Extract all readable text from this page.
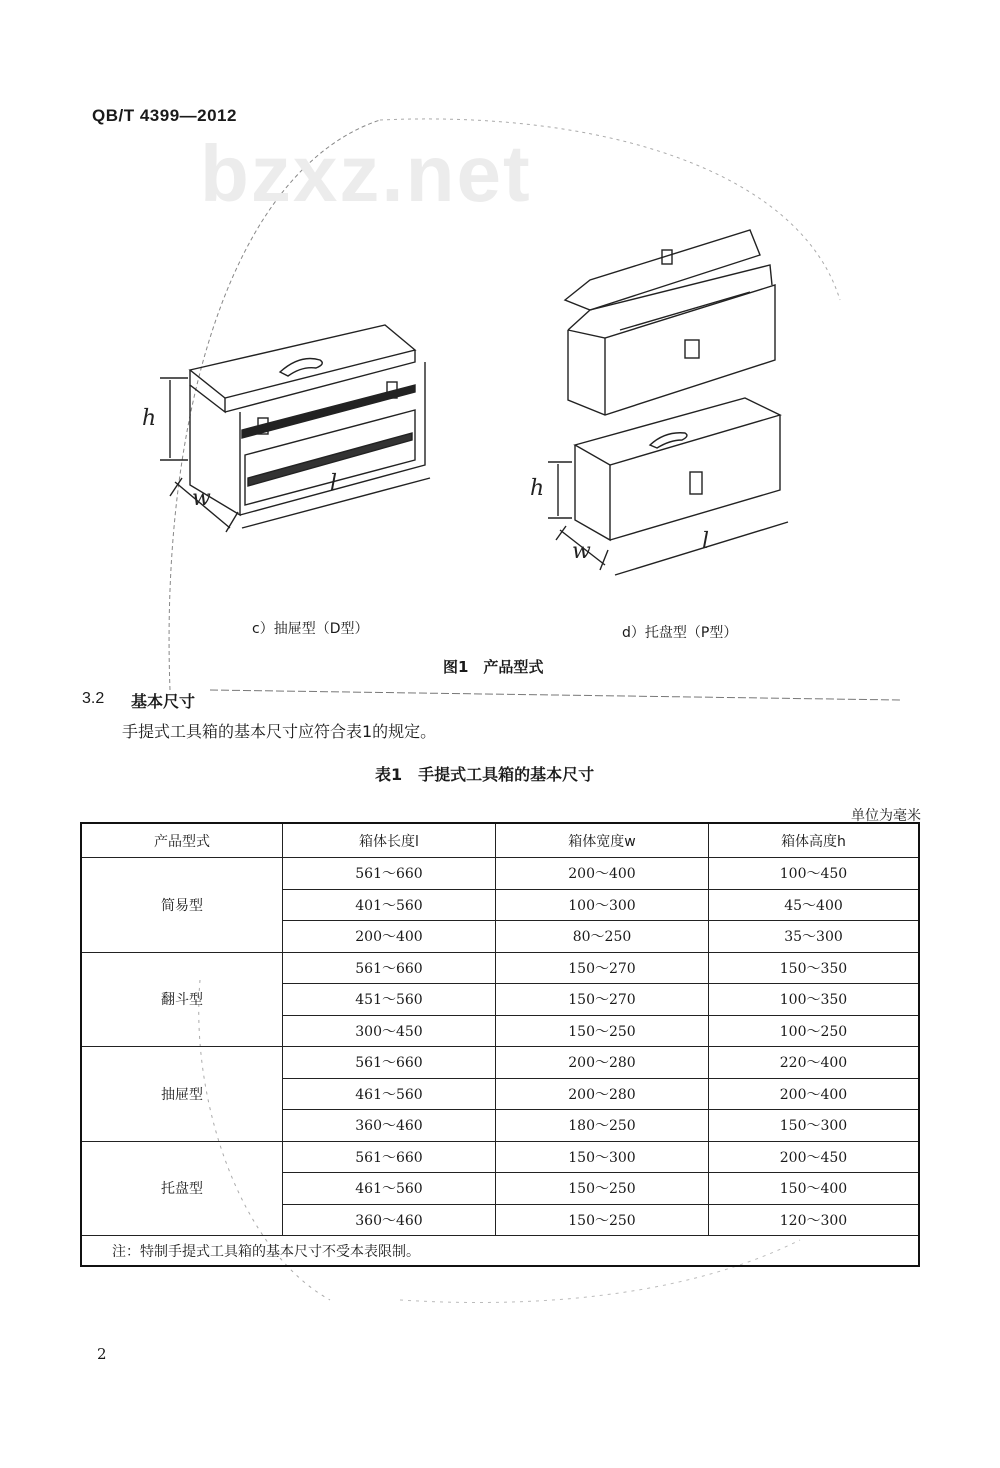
QB/T 4399—2012
bzxz.net
h
w
l	h
w	l
c）抽屉型（D型）	d）托盘型（P型）
图1　产品型式
3.2 基本尺寸
手提式工具箱的基本尺寸应符合表1的规定。
表1　手提式工具箱的基本尺寸
单位为毫米
产品型式	箱体长度l	箱体宽度w	箱体高度h
简易型	561～660	200～400	100～450
	401～560	100～300	45～400
	200～400	80～250	35～300
翻斗型	561～660	150～270	150～350
	451～560	150～270	100～350
	300～450	150～250	100～250
抽屉型	561～660	200～280	220～400
	461～560	200～280	200～400
	360～460	180～250	150～300
托盘型	561～660	150～300	200～450
	461～560	150～250	150～400
	360～460	150～250	120～300
注：特制手提式工具箱的基本尺寸不受本表限制。			
2
